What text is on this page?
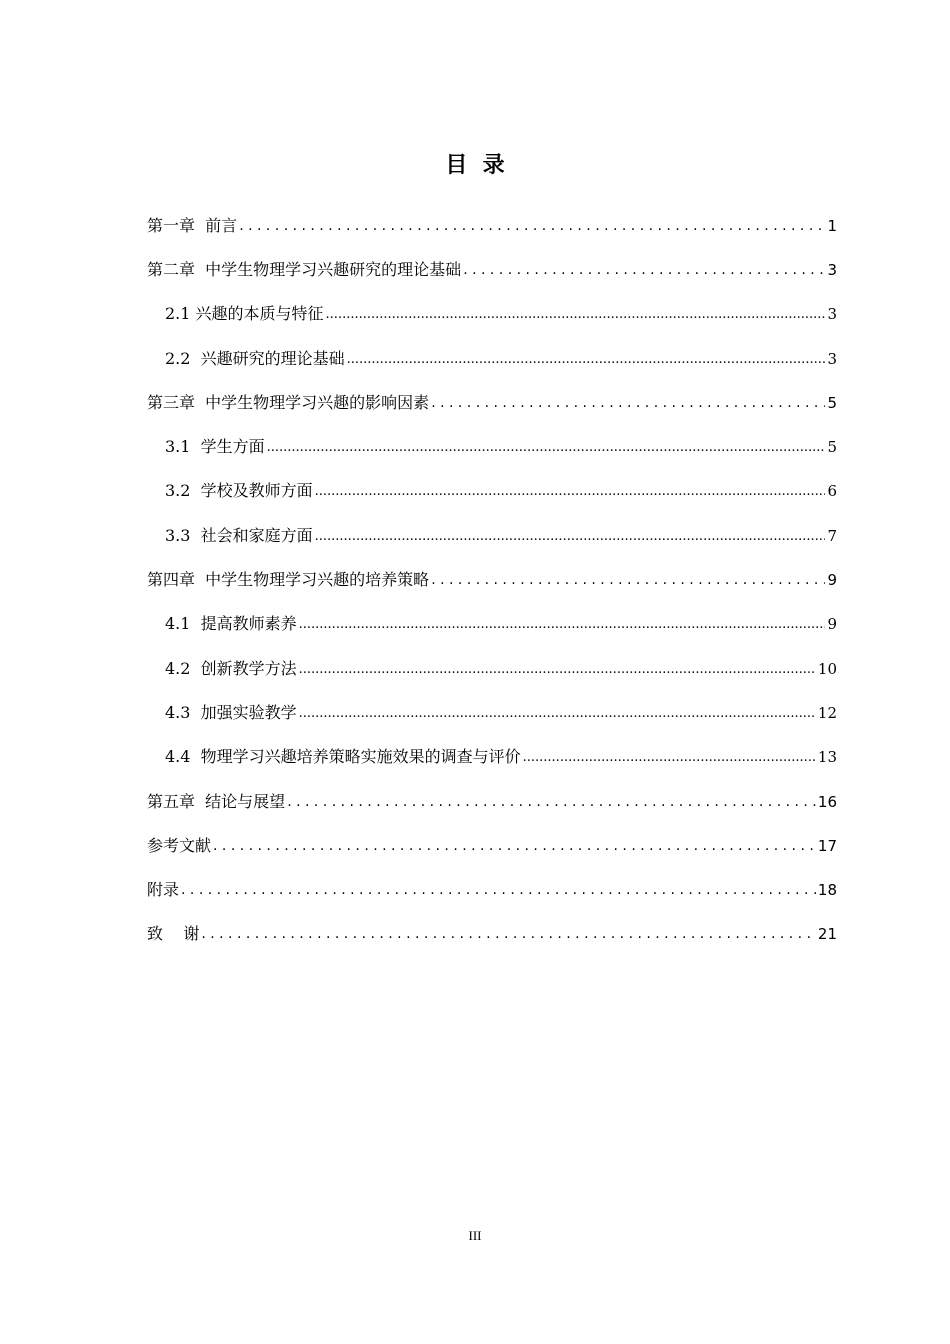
目  录
第一章  前言 . . .	1
第二章  中学生物理学习兴趣研究的理论基础 . . .	3
2.1 兴趣的本质与特征 .....	3
2.2  兴趣研究的理论基础 .....	3
第三章  中学生物理学习兴趣的影响因素 . . .	5
3.1  学生方面 .....	5
3.2  学校及教师方面 .....	6
3.3  社会和家庭方面 .....	7
第四章  中学生物理学习兴趣的培养策略 . . .	9
4.1  提高教师素养 .....	9
4.2  创新教学方法 .....	10
4.3  加强实验教学 .....	12
4.4  物理学习兴趣培养策略实施效果的调查与评价 .....	13
第五章  结论与展望 . . .	16
参考文献 . . .	17
附录 . . .	18
致    谢 . . .	21
III
